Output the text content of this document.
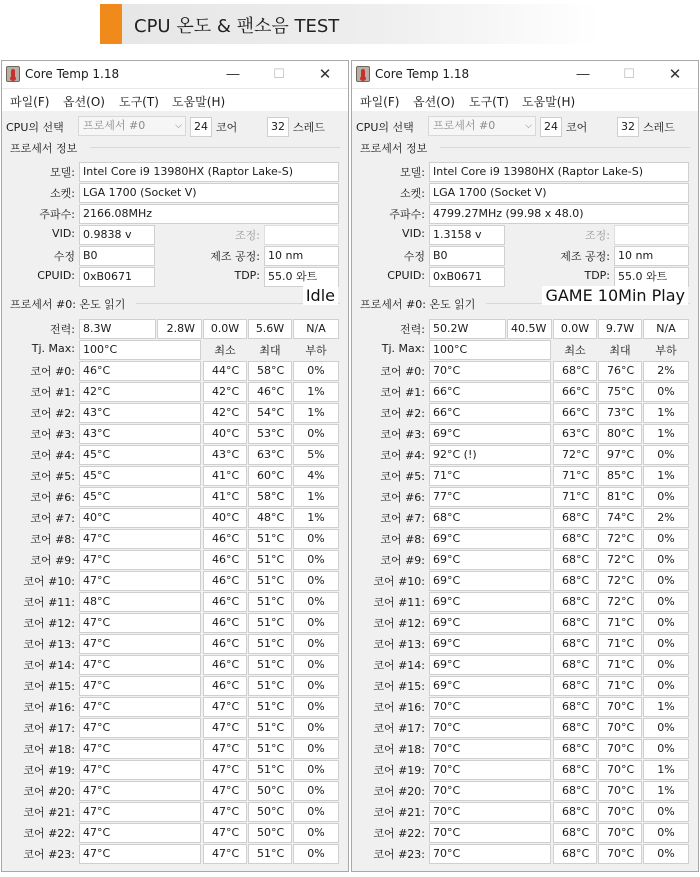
CPU 온도 & 팬소음 TEST
Core Temp 1.18	―	☐	✕
파일(F) 옵션(O) 도구(T) 도움말(H)
CPU의 선택	프로세서 #0	⌵	24 코어	32 스레드
프로세서 정보
모델: Intel Core i9 13980HX (Raptor Lake-S)
소켓: LGA 1700 (Socket V)
주파수: 2166.08MHz
VID: 0.9838 v	조정:
수정 B0	제조 공정: 10 nm
CPUID: 0xB0671	TDP: 55.0 와트
프로세서 #0: 온도 읽기
전력: 8.3W	2.8W	0.0W	5.6W	N/A
Tj. Max: 100°C	최소	최대	부하
코어 #0: 46°C	44°C	58°C	0%
코어 #1: 42°C	42°C	46°C	1%
코어 #2: 43°C	42°C	54°C	1%
코어 #3: 43°C	40°C	53°C	0%
코어 #4: 45°C	43°C	63°C	5%
코어 #5: 45°C	41°C	60°C	4%
코어 #6: 45°C	41°C	58°C	1%
코어 #7: 40°C	40°C	48°C	1%
코어 #8: 47°C	46°C	51°C	0%
코어 #9: 47°C	46°C	51°C	0%
코어 #10: 47°C	46°C	51°C	0%
코어 #11: 48°C	46°C	51°C	0%
코어 #12: 47°C	46°C	51°C	0%
코어 #13: 47°C	46°C	51°C	0%
코어 #14: 47°C	46°C	51°C	0%
코어 #15: 47°C	46°C	51°C	0%
코어 #16: 47°C	47°C	51°C	0%
코어 #17: 47°C	47°C	51°C	0%
코어 #18: 47°C	47°C	51°C	0%
코어 #19: 47°C	47°C	51°C	0%
코어 #20: 47°C	47°C	50°C	0%
코어 #21: 47°C	47°C	50°C	0%
코어 #22: 47°C	47°C	50°C	0%
코어 #23: 47°C	47°C	51°C	0%
Idle
Core Temp 1.18	―	☐	✕
파일(F) 옵션(O) 도구(T) 도움말(H)
CPU의 선택	프로세서 #0	⌵	24 코어	32 스레드
프로세서 정보
모델: Intel Core i9 13980HX (Raptor Lake-S)
소켓: LGA 1700 (Socket V)
주파수: 4799.27MHz (99.98 x 48.0)
VID: 1.3158 v	조정:
수정 B0	제조 공정: 10 nm
CPUID: 0xB0671	TDP: 55.0 와트
프로세서 #0: 온도 읽기
전력: 50.2W	40.5W	0.0W	9.7W	N/A
Tj. Max: 100°C	최소	최대	부하
코어 #0: 70°C	68°C	76°C	2%
코어 #1: 66°C	66°C	75°C	0%
코어 #2: 66°C	66°C	73°C	1%
코어 #3: 69°C	63°C	80°C	1%
코어 #4: 92°C (!)	72°C	97°C	0%
코어 #5: 71°C	71°C	85°C	1%
코어 #6: 77°C	71°C	81°C	0%
코어 #7: 68°C	68°C	74°C	2%
코어 #8: 69°C	68°C	72°C	0%
코어 #9: 69°C	68°C	72°C	0%
코어 #10: 69°C	68°C	72°C	0%
코어 #11: 69°C	68°C	72°C	0%
코어 #12: 69°C	68°C	71°C	0%
코어 #13: 69°C	68°C	71°C	0%
코어 #14: 69°C	68°C	71°C	0%
코어 #15: 69°C	68°C	71°C	0%
코어 #16: 70°C	68°C	70°C	1%
코어 #17: 70°C	68°C	70°C	0%
코어 #18: 70°C	68°C	70°C	0%
코어 #19: 70°C	68°C	70°C	1%
코어 #20: 70°C	68°C	70°C	1%
코어 #21: 70°C	68°C	70°C	0%
코어 #22: 70°C	68°C	70°C	0%
코어 #23: 70°C	68°C	70°C	0%
GAME 10Min Play
